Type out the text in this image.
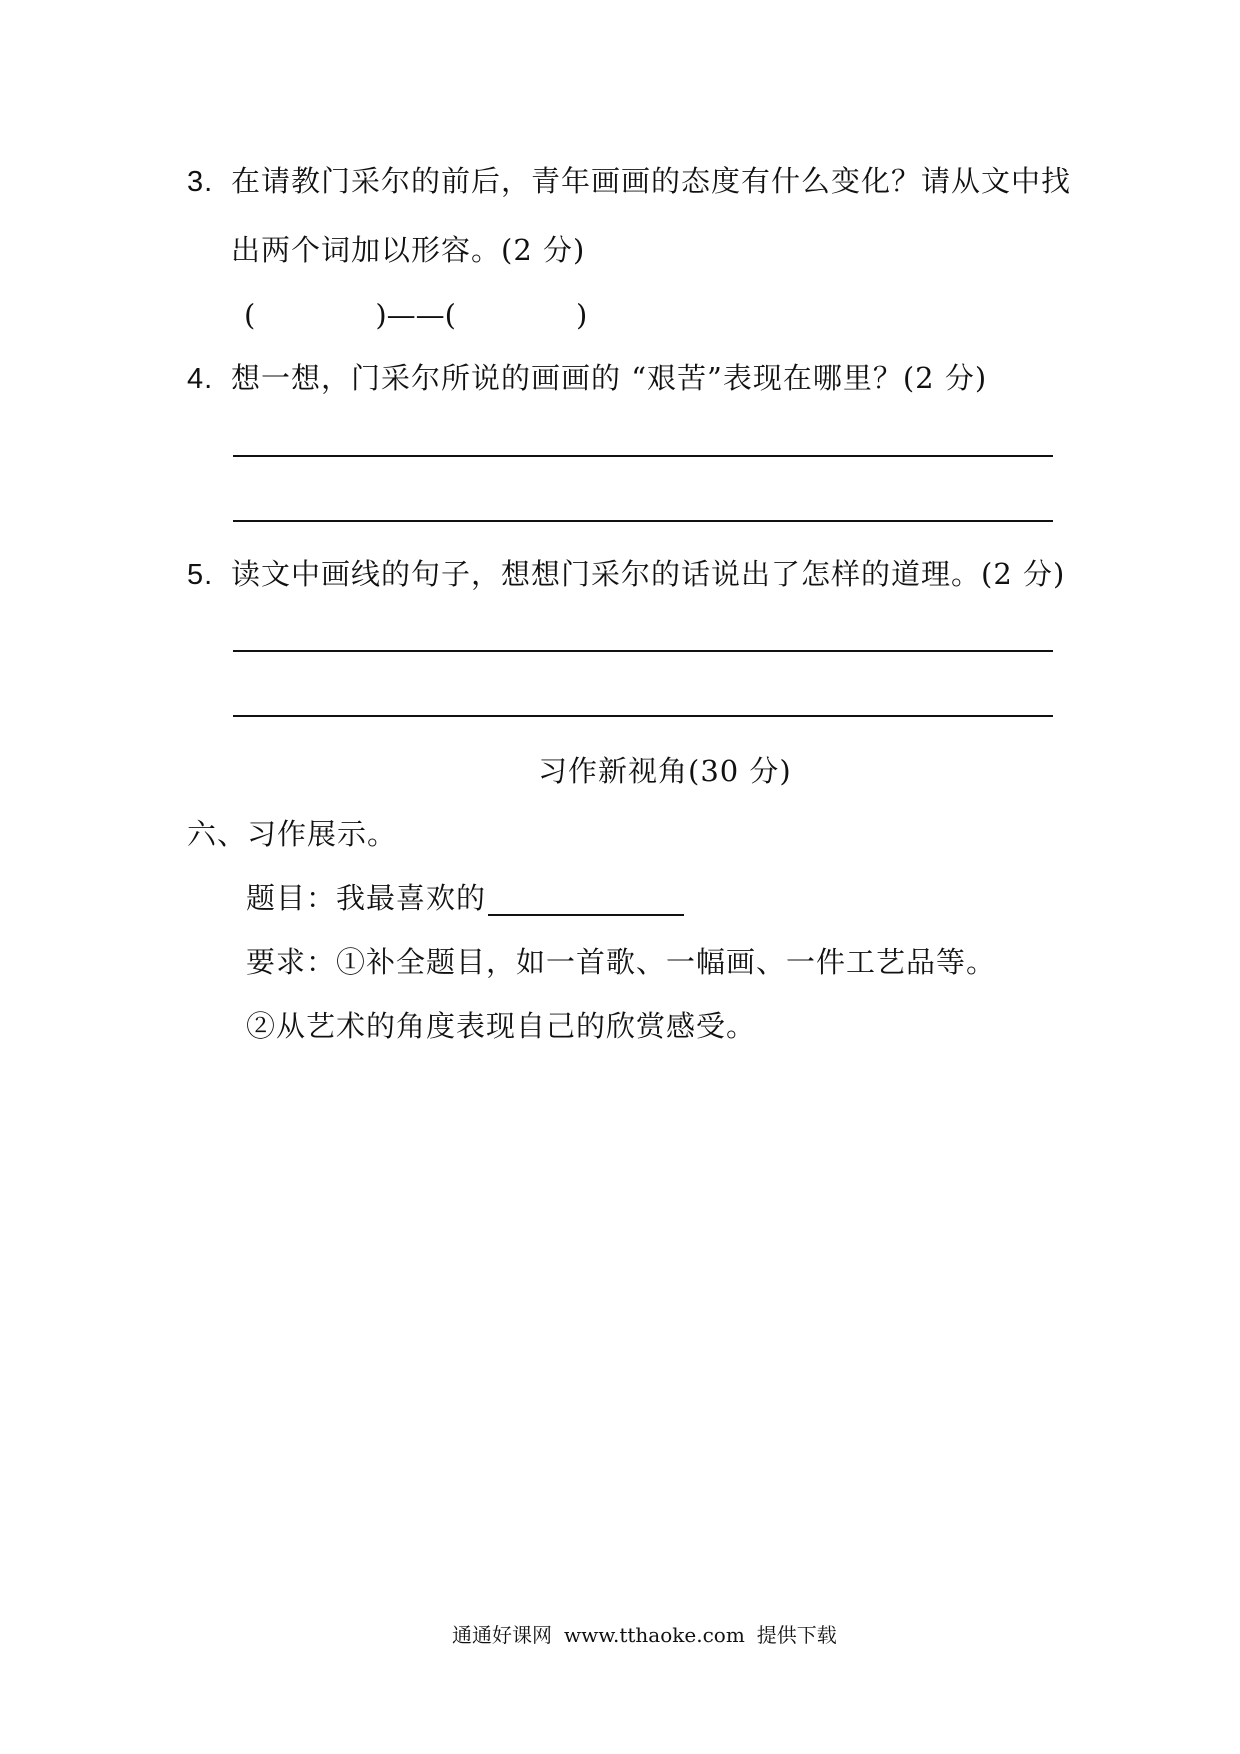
3. 在请教门采尔的前后，青年画画的态度有什么变化？请从文中找
出两个词加以形容。(2 分)
(	)——(	)
4. 想一想，门采尔所说的画画的 “艰苦”表现在哪里？(2 分)
5. 读文中画线的句子，想想门采尔的话说出了怎样的道理。(2 分)
习作新视角(30 分)
六、习作展示。
题目：我最喜欢的
要求：①补全题目，如一首歌、一幅画、一件工艺品等。
②从艺术的角度表现自己的欣赏感受。
通通好课网 www.tthaoke.com 提供下载
